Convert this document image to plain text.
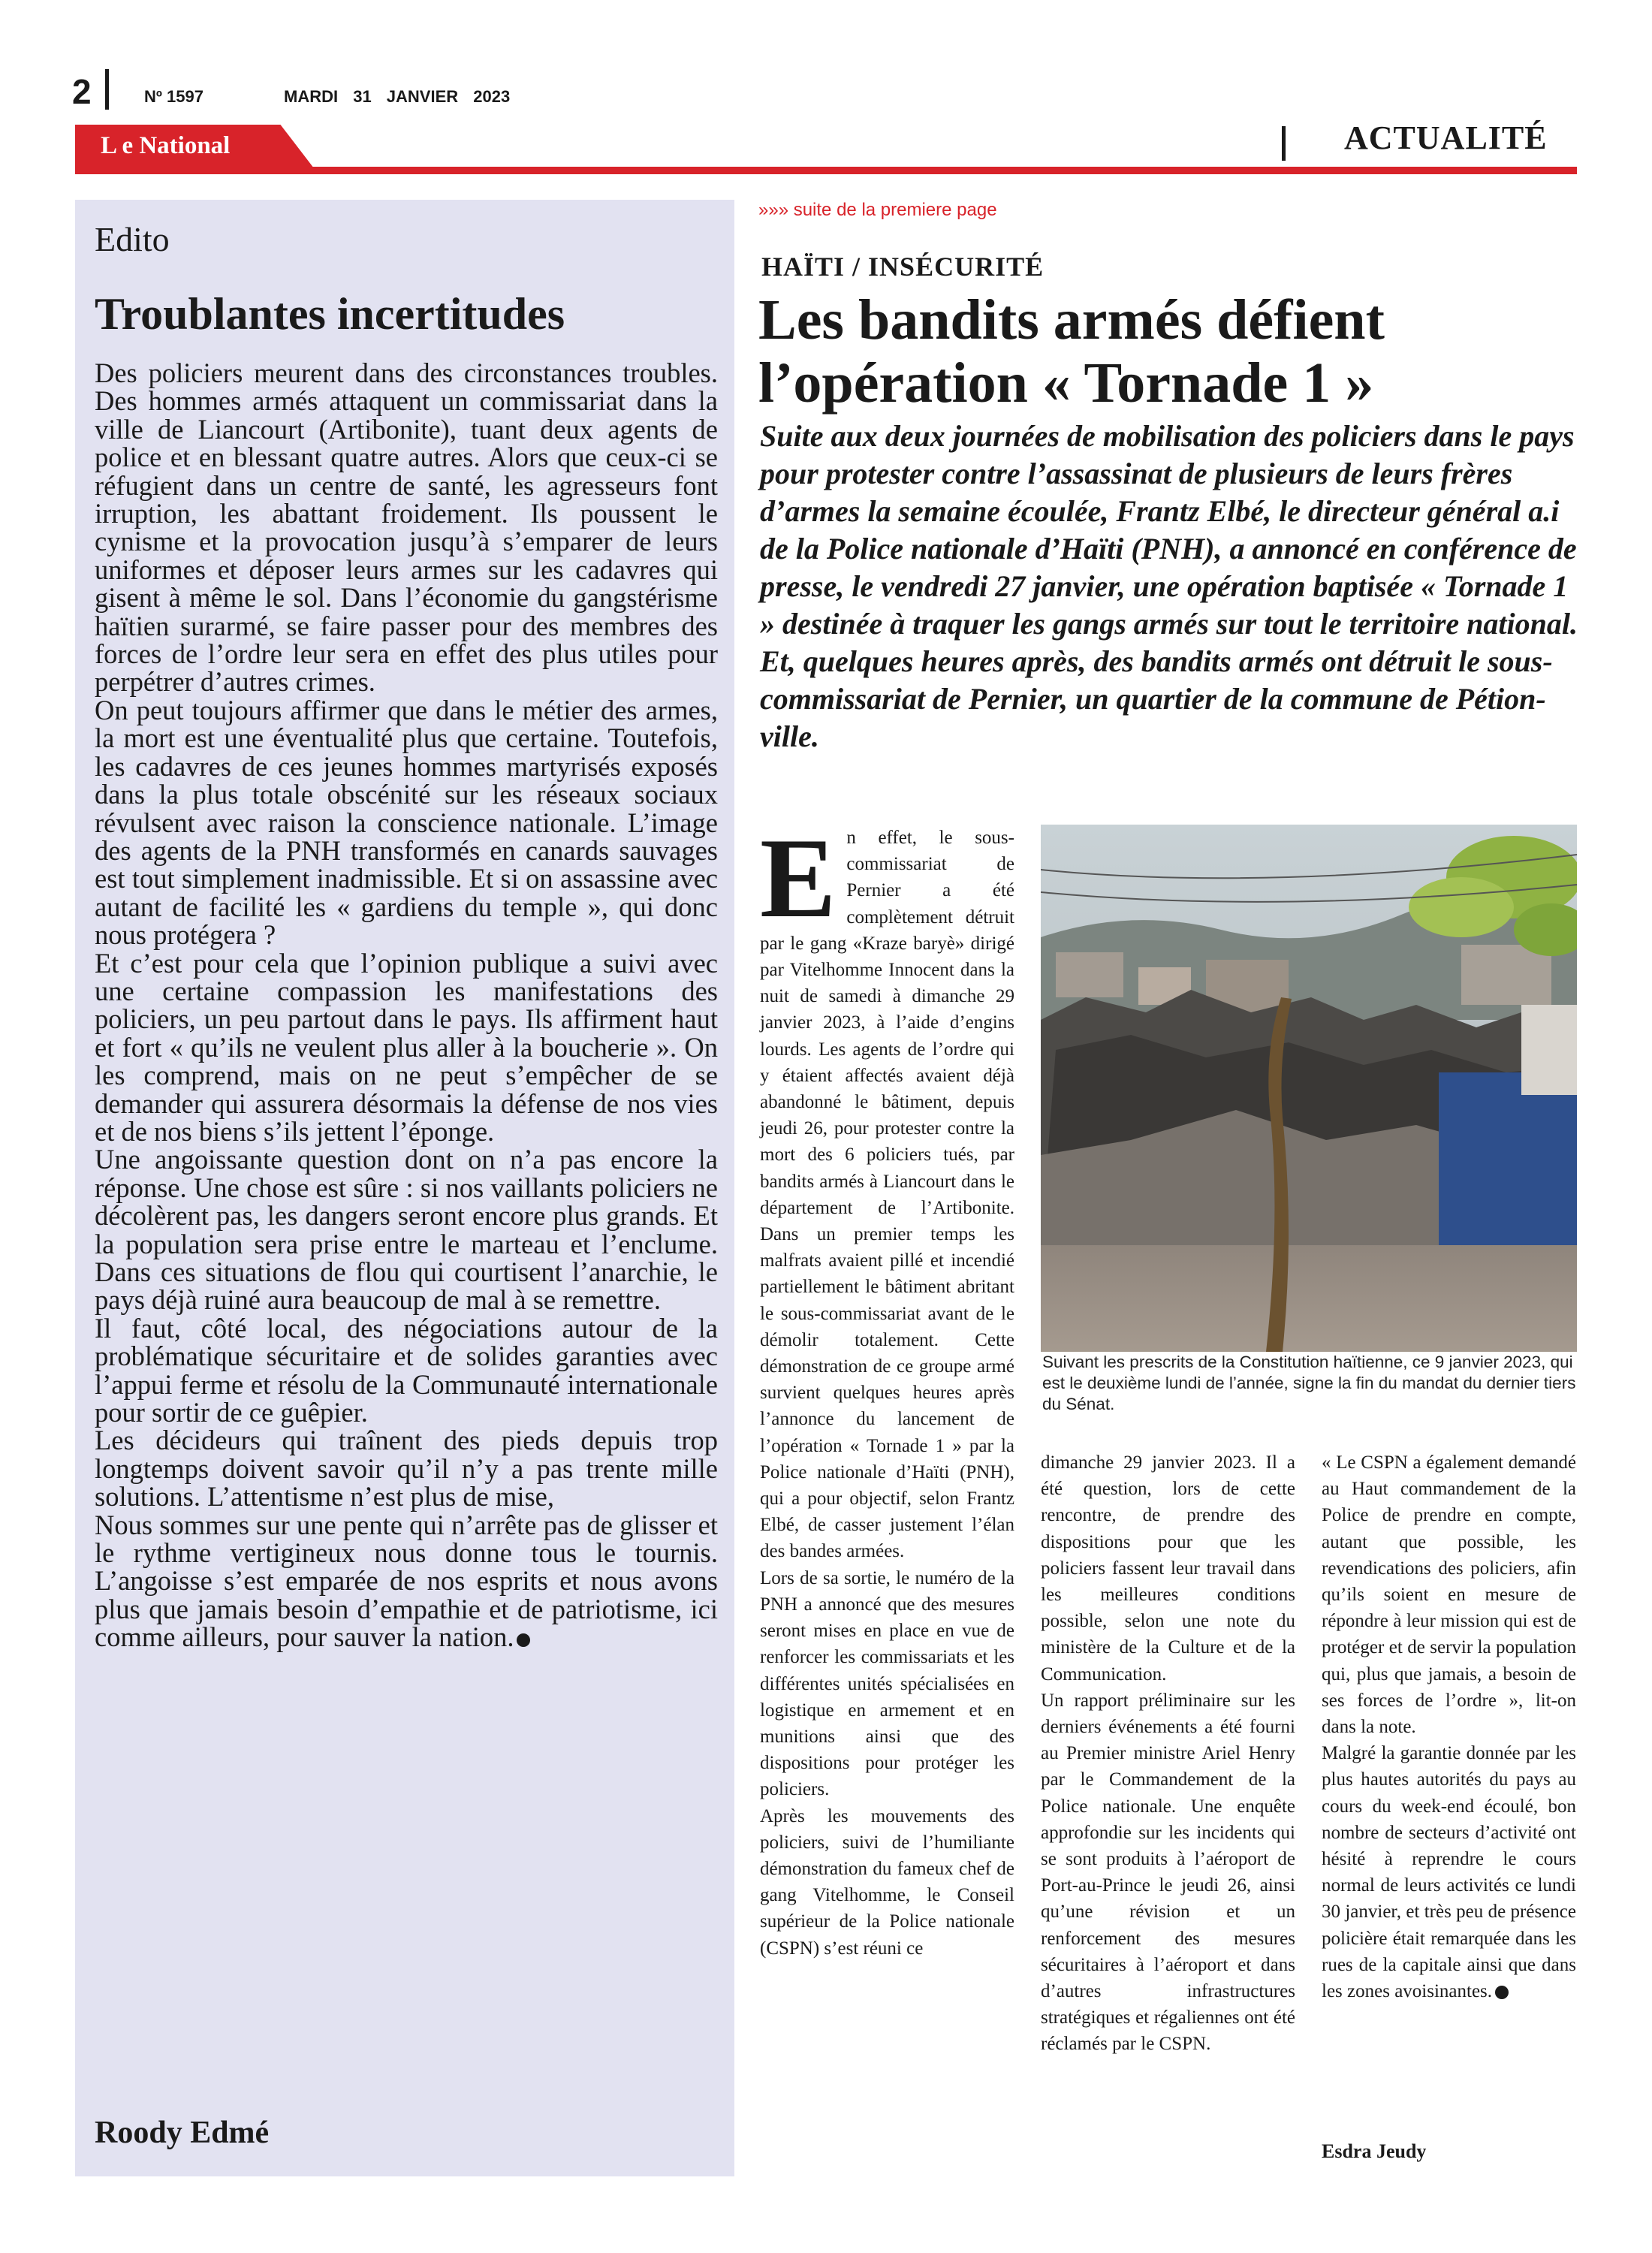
2	Nº 1597	MARDI 31 JANVIER 2023
L e National	ACTUALITÉ
Edito
Troublantes incertitudes

Des policiers meurent dans des circonstances troubles. Des hommes armés attaquent un commissariat dans la ville de Liancourt (Artibonite), tuant deux agents de police et en blessant quatre autres. Alors que ceux-ci se réfugient dans un centre de santé, les agresseurs font irruption, les abattant froidement. Ils poussent le cynisme et la provocation jusqu’à s’emparer de leurs uniformes et déposer leurs armes sur les cadavres qui gisent à même le sol. Dans l’économie du gangstérisme haïtien surarmé, se faire passer pour des membres des forces de l’ordre leur sera en effet des plus utiles pour perpétrer d’autres crimes.

On peut toujours affirmer que dans le métier des armes, la mort est une éventualité plus que certaine. Toutefois, les cadavres de ces jeunes hommes martyrisés exposés dans la plus totale obscénité sur les réseaux sociaux révulsent avec raison la conscience nationale. L’image des agents de la PNH transformés en canards sauvages est tout simplement inadmissible. Et si on assassine avec autant de facilité les « gardiens du temple », qui donc nous protégera ?

Et c’est pour cela que l’opinion publique a suivi avec une certaine compassion les manifestations des policiers, un peu partout dans le pays. Ils affirment haut et fort « qu’ils ne veulent plus aller à la boucherie ». On les comprend, mais on ne peut s’empêcher de se demander qui assurera désormais la défense de nos vies et de nos biens s’ils jettent l’éponge.

Une angoissante question dont on n’a pas encore la réponse. Une chose est sûre : si nos vaillants policiers ne décolèrent pas, les dangers seront encore plus grands. Et la population sera prise entre le marteau et l’enclume. Dans ces situations de flou qui courtisent l’anarchie, le pays déjà ruiné aura beaucoup de mal à se remettre.

Il faut, côté local, des négociations autour de la problématique sécuritaire et de solides garanties avec l’appui ferme et résolu de la Communauté internationale pour sortir de ce guêpier.

Les décideurs qui traînent des pieds depuis trop longtemps doivent savoir qu’il n’y a pas trente mille solutions. L’attentisme n’est plus de mise,

Nous sommes sur une pente qui n’arrête pas de glisser et le rythme vertigineux nous donne tous le tournis. L’angoisse s’est emparée de nos esprits et nous avons plus que jamais besoin d’empathie et de patriotisme, ici comme ailleurs, pour sauver la nation.

Roody Edmé
»»» suite de la premiere page
HAÏTI / INSÉCURITÉ
Les bandits armés défient
l’opération « Tornade 1 »
Suite aux deux journées de mobilisation des policiers dans le pays pour protester contre l’assassinat de plusieurs de leurs frères d’armes la semaine écoulée, Frantz Elbé, le directeur général a.i de la Police nationale d’Haïti (PNH), a annoncé en conférence de presse, le vendredi 27 janvier, une opération baptisée « Tornade 1 » destinée à traquer les gangs armés sur tout le territoire national. Et, quelques heures après, des bandits armés ont détruit le sous-commissariat de Pernier, un quartier de la commune de Pétion-ville.

En effet, le sous-commissariat de Pernier a été complètement détruit par le gang «Kraze baryè» dirigé par Vitelhomme Innocent dans la nuit de samedi à dimanche 29 janvier 2023, à l’aide d’engins lourds. Les agents de l’ordre qui y étaient affectés avaient déjà abandonné le bâtiment, depuis jeudi 26, pour protester contre la mort des 6 policiers tués, par bandits armés à Liancourt dans le département de l’Artibonite. Dans un premier temps les malfrats avaient pillé et incendié partiellement le bâtiment abritant le sous-commissariat avant de le démolir totalement. Cette démonstration de ce groupe armé survient quelques heures après l’annonce du lancement de l’opération « Tornade 1 » par la Police nationale d’Haïti (PNH), qui a pour objectif, selon Frantz Elbé, de casser justement l’élan des bandes armées.

Lors de sa sortie, le numéro de la PNH a annoncé que des mesures seront mises en place en vue de renforcer les commissariats et les différentes unités spécialisées en logistique en armement et en munitions ainsi que des dispositions pour protéger les policiers.

Après les mouvements des policiers, suivi de l’humiliante démonstration du fameux chef de gang Vitelhomme, le Conseil supérieur de la Police nationale (CSPN) s’est réuni ce

Suivant les prescrits de la Constitution haïtienne, ce 9 janvier 2023, qui est le deuxième lundi de l’année, signe la fin du mandat du dernier tiers du Sénat.

dimanche 29 janvier 2023. Il a été question, lors de cette rencontre, de prendre des dispositions pour que les policiers fassent leur travail dans les meilleures conditions possible, selon une note du ministère de la Culture et de la Communication.

Un rapport préliminaire sur les derniers événements a été fourni au Premier ministre Ariel Henry par le Commandement de la Police nationale. Une enquête approfondie sur les incidents qui se sont produits à l’aéroport de Port-au-Prince le jeudi 26, ainsi qu’une révision et un renforcement des mesures sécuritaires à l’aéroport et dans d’autres infrastructures stratégiques et régaliennes ont été réclamés par le CSPN.

« Le CSPN a également demandé au Haut commandement de la Police de prendre en compte, autant que possible, les revendications des policiers, afin qu’ils soient en mesure de répondre à leur mission qui est de protéger et de servir la population qui, plus que jamais, a besoin de ses forces de l’ordre », lit-on dans la note.

Malgré la garantie donnée par les plus hautes autorités du pays au cours du week-end écoulé, bon nombre de secteurs d’activité ont hésité à reprendre le cours normal de leurs activités ce lundi 30 janvier, et très peu de présence policière était remarquée dans les rues de la capitale ainsi que dans les zones avoisinantes.

Esdra Jeudy
